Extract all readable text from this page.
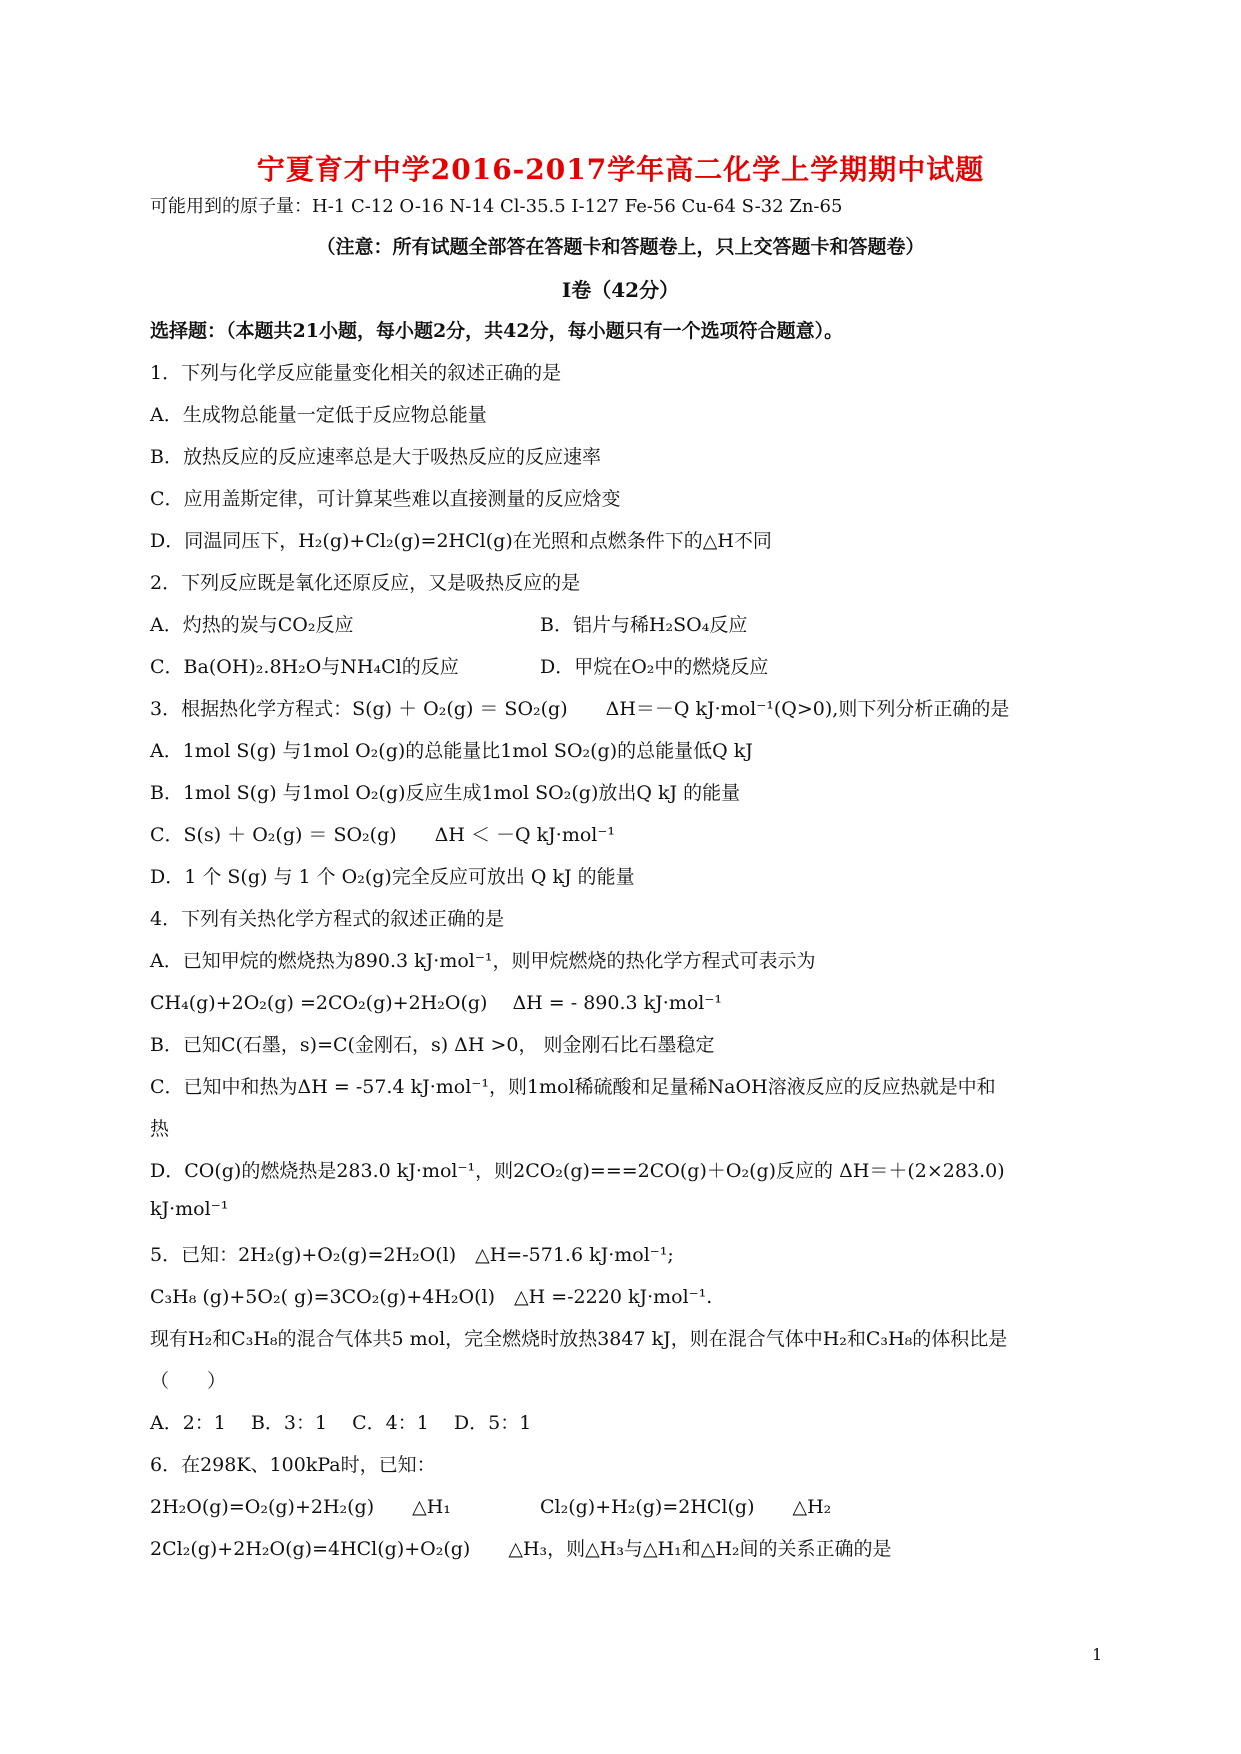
宁夏育才中学2016-2017学年高二化学上学期期中试题
可能用到的原子量：H-1 C-12 O-16 N-14 Cl-35.5 I-127 Fe-56 Cu-64 S-32 Zn-65
（注意：所有试题全部答在答题卡和答题卷上，只上交答题卡和答题卷）
Ⅰ卷（42分）
选择题：（本题共21小题，每小题2分，共42分，每小题只有一个选项符合题意）。
1．下列与化学反应能量变化相关的叙述正确的是
A．生成物总能量一定低于反应物总能量
B．放热反应的反应速率总是大于吸热反应的反应速率
C．应用盖斯定律，可计算某些难以直接测量的反应焓变
D．同温同压下，H₂(g)+Cl₂(g)=2HCl(g)在光照和点燃条件下的△H不同
2．下列反应既是氧化还原反应，又是吸热反应的是
A．灼热的炭与CO₂反应	B．铝片与稀H₂SO₄反应
C．Ba(OH)₂.8H₂O与NH₄Cl的反应	D．甲烷在O₂中的燃烧反应
3．根据热化学方程式：S(g) ＋ O₂(g) ＝ SO₂(g)　　ΔH＝－Q kJ·mol⁻¹(Q>0),则下列分析正确的是
A．1mol S(g) 与1mol O₂(g)的总能量比1mol SO₂(g)的总能量低Q kJ
B．1mol S(g) 与1mol O₂(g)反应生成1mol SO₂(g)放出Q kJ 的能量
C．S(s) ＋ O₂(g) ＝ SO₂(g)　　ΔH ＜ －Q kJ·mol⁻¹
D．1 个 S(g) 与 1 个 O₂(g)完全反应可放出 Q kJ 的能量
4．下列有关热化学方程式的叙述正确的是
A．已知甲烷的燃烧热为890.3 kJ·mol⁻¹，则甲烷燃烧的热化学方程式可表示为
CH₄(g)+2O₂(g) =2CO₂(g)+2H₂O(g)　 ΔH = - 890.3 kJ·mol⁻¹
B．已知C(石墨，s)=C(金刚石，s) ΔH >0， 则金刚石比石墨稳定
C．已知中和热为ΔH = -57.4 kJ·mol⁻¹，则1mol稀硫酸和足量稀NaOH溶液反应的反应热就是中和
热
D．CO(g)的燃烧热是283.0 kJ·mol⁻¹，则2CO₂(g)===2CO(g)＋O₂(g)反应的 ΔH＝＋(2×283.0)
kJ·mol⁻¹
5．已知：2H₂(g)+O₂(g)=2H₂O(l)　△H=-571.6 kJ·mol⁻¹;
C₃H₈ (g)+5O₂( g)=3CO₂(g)+4H₂O(l)　△H =-2220 kJ·mol⁻¹.
现有H₂和C₃H₈的混合气体共5 mol，完全燃烧时放热3847 kJ，则在混合气体中H₂和C₃H₈的体积比是
（　　）
A．2：1　 B．3：1　 C．4：1　 D．5：1
6．在298K、100kPa时，已知：
2H₂O(g)=O₂(g)+2H₂(g)　　△H₁	Cl₂(g)+H₂(g)=2HCl(g)　　△H₂
2Cl₂(g)+2H₂O(g)=4HCl(g)+O₂(g)　　△H₃，则△H₃与△H₁和△H₂间的关系正确的是
1
